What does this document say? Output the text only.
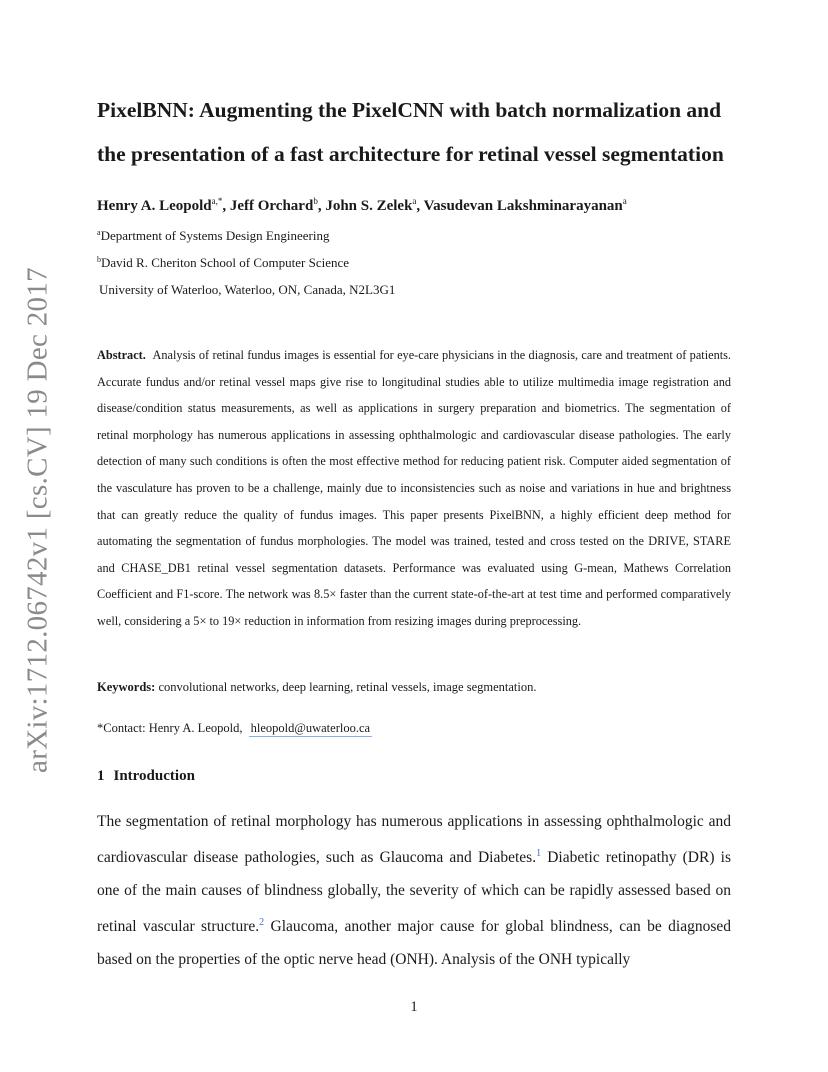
arXiv:1712.06742v1 [cs.CV] 19 Dec 2017
PixelBNN: Augmenting the PixelCNN with batch normalization and the presentation of a fast architecture for retinal vessel segmentation
Henry A. Leopold$^{a,*}$, Jeff Orchard$^b$, John S. Zelek$^a$, Vasudevan Lakshminarayanan$^a$
$^a$Department of Systems Design Engineering
$^b$David R. Cheriton School of Computer Science
University of Waterloo, Waterloo, ON, Canada, N2L3G1

Abstract. Analysis of retinal fundus images is essential for eye-care physicians in the diagnosis, care and treatment of patients. Accurate fundus and/or retinal vessel maps give rise to longitudinal studies able to utilize multimedia image registration and disease/condition status measurements, as well as applications in surgery preparation and biometrics. The segmentation of retinal morphology has numerous applications in assessing ophthalmologic and cardiovascular disease pathologies. The early detection of many such conditions is often the most effective method for reducing patient risk. Computer aided segmentation of the vasculature has proven to be a challenge, mainly due to inconsistencies such as noise and variations in hue and brightness that can greatly reduce the quality of fundus images. This paper presents PixelBNN, a highly efficient deep method for automating the segmentation of fundus morphologies. The model was trained, tested and cross tested on the DRIVE, STARE and CHASE_DB1 retinal vessel segmentation datasets. Performance was evaluated using G-mean, Mathews Correlation Coefficient and F1-score. The network was 8.5× faster than the current state-of-the-art at test time and performed comparatively well, considering a 5× to 19× reduction in information from resizing images during preprocessing.

Keywords: convolutional networks, deep learning, retinal vessels, image segmentation.
*Contact: Henry A. Leopold, hleopold@uwaterloo.ca
1 Introduction

The segmentation of retinal morphology has numerous applications in assessing ophthalmologic and cardiovascular disease pathologies, such as Glaucoma and Diabetes.$^1$ Diabetic retinopathy (DR) is one of the main causes of blindness globally, the severity of which can be rapidly assessed based on retinal vascular structure.$^2$ Glaucoma, another major cause for global blindness, can be diagnosed based on the properties of the optic nerve head (ONH). Analysis of the ONH typically

1
